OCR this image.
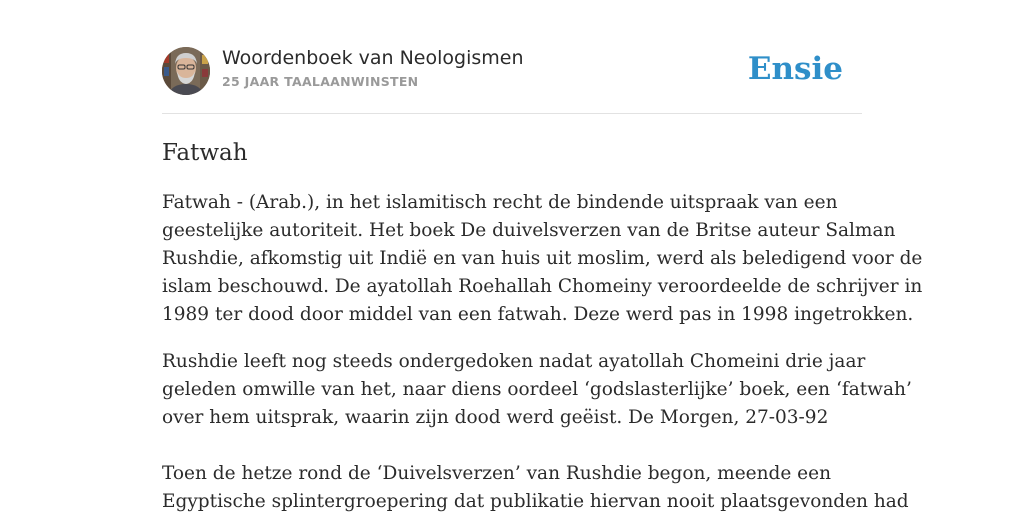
Woordenboek van Neologismen
25 JAAR TAALAANWINSTEN	Ensie
Fatwah

Fatwah - (Arab.), in het islamitisch recht de bindende uitspraak van een

geestelijke autoriteit. Het boek De duivelsverzen van de Britse auteur Salman

Rushdie, afkomstig uit Indië en van huis uit moslim, werd als beledigend voor de

islam beschouwd. De ayatollah Roehallah Chomeiny veroordeelde de schrijver in

1989 ter dood door middel van een fatwah. Deze werd pas in 1998 ingetrokken.

Rushdie leeft nog steeds ondergedoken nadat ayatollah Chomeini drie jaar

geleden omwille van het, naar diens oordeel ‘godslasterlijke’ boek, een ‘fatwah’

over hem uitsprak, waarin zijn dood werd geëist. De Morgen, 27-03-92

Toen de hetze rond de ‘Duivelsverzen’ van Rushdie begon, meende een

Egyptische splintergroepering dat publikatie hiervan nooit plaatsgevonden had
